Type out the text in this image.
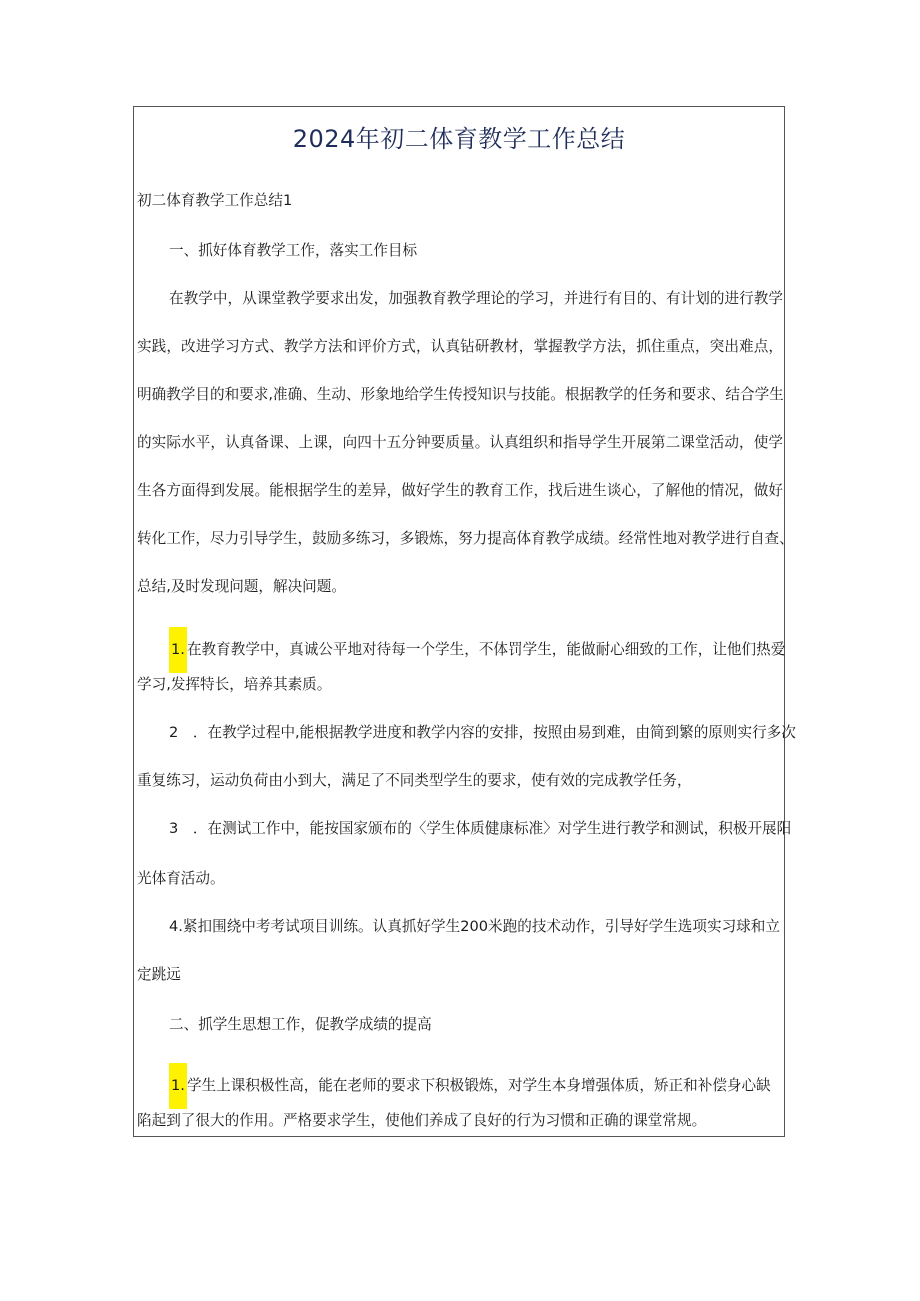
2024年初二体育教学工作总结

初二体育教学工作总结1

一、抓好体育教学工作，落实工作目标

在教学中，从课堂教学要求出发，加强教育教学理论的学习，并进行有目的、有计划的进行教学

实践，改进学习方式、教学方法和评价方式，认真钻研教材，掌握教学方法，抓住重点，突出难点，

明确教学目的和要求,准确、生动、形象地给学生传授知识与技能。根据教学的任务和要求、结合学生

的实际水平，认真备课、上课，向四十五分钟要质量。认真组织和指导学生开展第二课堂活动，使学

生各方面得到发展。能根据学生的差异，做好学生的教育工作，找后进生谈心，了解他的情况，做好

转化工作，尽力引导学生，鼓励多练习，多锻炼，努力提高体育教学成绩。经常性地对教学进行自查、

总结,及时发现问题，解决问题。

1. 在教育教学中，真诚公平地对待每一个学生，不体罚学生，能做耐心细致的工作，让他们热爱

学习,发挥特长，培养其素质。

2　．在教学过程中,能根据教学进度和教学内容的安排，按照由易到难，由简到繁的原则实行多次

重复练习，运动负荷由小到大，满足了不同类型学生的要求，使有效的完成教学任务，

3　．在测试工作中，能按国家颁布的〈学生体质健康标准〉对学生进行教学和测试，积极开展阳

光体育活动。

4.紧扣围绕中考考试项目训练。认真抓好学生200米跑的技术动作，引导好学生选项实习球和立

定跳远

二、抓学生思想工作，促教学成绩的提高

1. 学生上课积极性高，能在老师的要求下积极锻炼，对学生本身增强体质，矫正和补偿身心缺

陷起到了很大的作用。严格要求学生，使他们养成了良好的行为习惯和正确的课堂常规。
